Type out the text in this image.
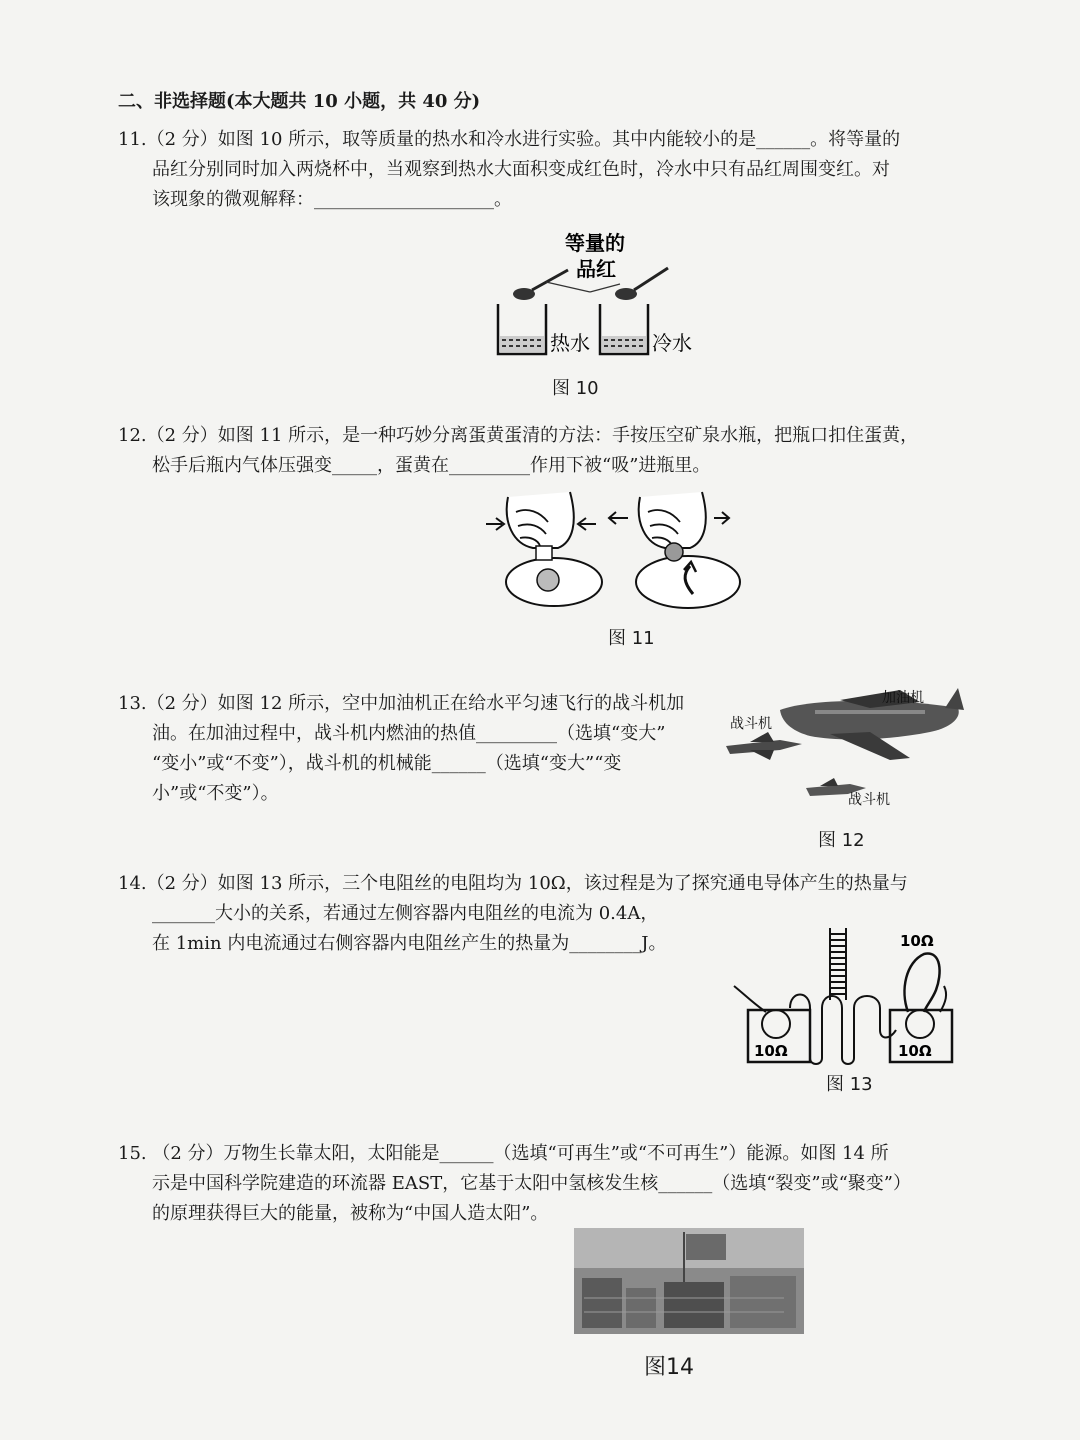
二、非选择题(本大题共 10 小题，共 40 分)
11.（2 分）如图 10 所示，取等质量的热水和冷水进行实验。其中内能较小的是______。将等量的
品红分别同时加入两烧杯中，当观察到热水大面积变成红色时，冷水中只有品红周围变红。对
该现象的微观解释：____________________。
等量的
品红
热水	冷水
图 10
12.（2 分）如图 11 所示，是一种巧妙分离蛋黄蛋清的方法：手按压空矿泉水瓶，把瓶口扣住蛋黄，
松手后瓶内气体压强变_____，蛋黄在_________作用下被“吸”进瓶里。
图 11
13.（2 分）如图 12 所示，空中加油机正在给水平匀速飞行的战斗机加
油。在加油过程中，战斗机内燃油的热值_________（选填“变大”
“变小”或“不变”），战斗机的机械能______（选填“变大”“变
小”或“不变”）。
加油机
战斗机
战斗机
图 12
14.（2 分）如图 13 所示，三个电阻丝的电阻均为 10Ω，该过程是为了探究通电导体产生的热量与
_______大小的关系，若通过左侧容器内电阻丝的电流为 0.4A，
在 1min 内电流通过右侧容器内电阻丝产生的热量为________J。	10Ω
10Ω	10Ω
图 13
15. （2 分）万物生长靠太阳，太阳能是______（选填“可再生”或“不可再生”）能源。如图 14 所
示是中国科学院建造的环流器 EAST，它基于太阳中氢核发生核______（选填“裂变”或“聚变”）
的原理获得巨大的能量，被称为“中国人造太阳”。
图14
